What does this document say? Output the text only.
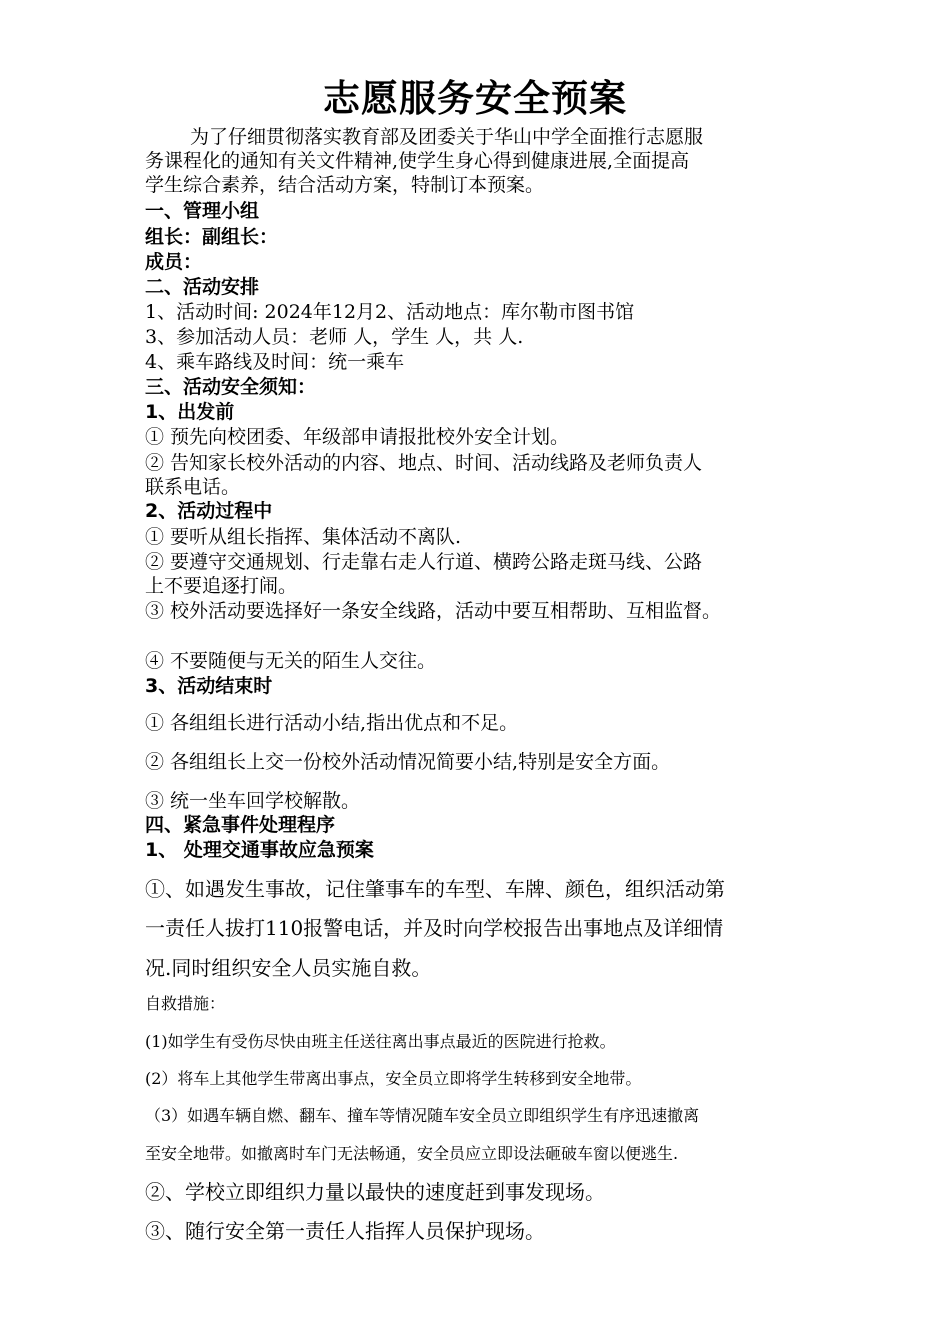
志愿服务安全预案
为了仔细贯彻落实教育部及团委关于华山中学全面推行志愿服
务课程化的通知有关文件精神,使学生身心得到健康进展,全面提高
学生综合素养，结合活动方案，特制订本预案。
一、管理小组
组长：副组长：
成员：
二、活动安排
1、活动时间: 2024年12月2、活动地点：库尔勒市图书馆
3、参加活动人员：老师 人，学生 人，共 人.
4、乘车路线及时间：统一乘车
三、活动安全须知：
1、出发前
① 预先向校团委、年级部申请报批校外安全计划。
② 告知家长校外活动的内容、地点、时间、活动线路及老师负责人
联系电话。
2、活动过程中
① 要听从组长指挥、集体活动不离队.
② 要遵守交通规划、行走靠右走人行道、横跨公路走斑马线、公路
上不要追逐打闹。
③ 校外活动要选择好一条安全线路，活动中要互相帮助、互相监督。
④ 不要随便与无关的陌生人交往。
3、活动结束时
① 各组组长进行活动小结,指出优点和不足。
② 各组组长上交一份校外活动情况简要小结,特别是安全方面。
③ 统一坐车回学校解散。
四、紧急事件处理程序
1、 处理交通事故应急预案
①、如遇发生事故，记住肇事车的车型、车牌、颜色，组织活动第
一责任人拔打110报警电话，并及时向学校报告出事地点及详细情
况.同时组织安全人员实施自救。
自救措施：
(1)如学生有受伤尽快由班主任送往离出事点最近的医院进行抢救。
(2）将车上其他学生带离出事点，安全员立即将学生转移到安全地带。
（3）如遇车辆自燃、翻车、撞车等情况随车安全员立即组织学生有序迅速撤离
至安全地带。如撤离时车门无法畅通，安全员应立即设法砸破车窗以便逃生.
②、学校立即组织力量以最快的速度赶到事发现场。
③、随行安全第一责任人指挥人员保护现场。
